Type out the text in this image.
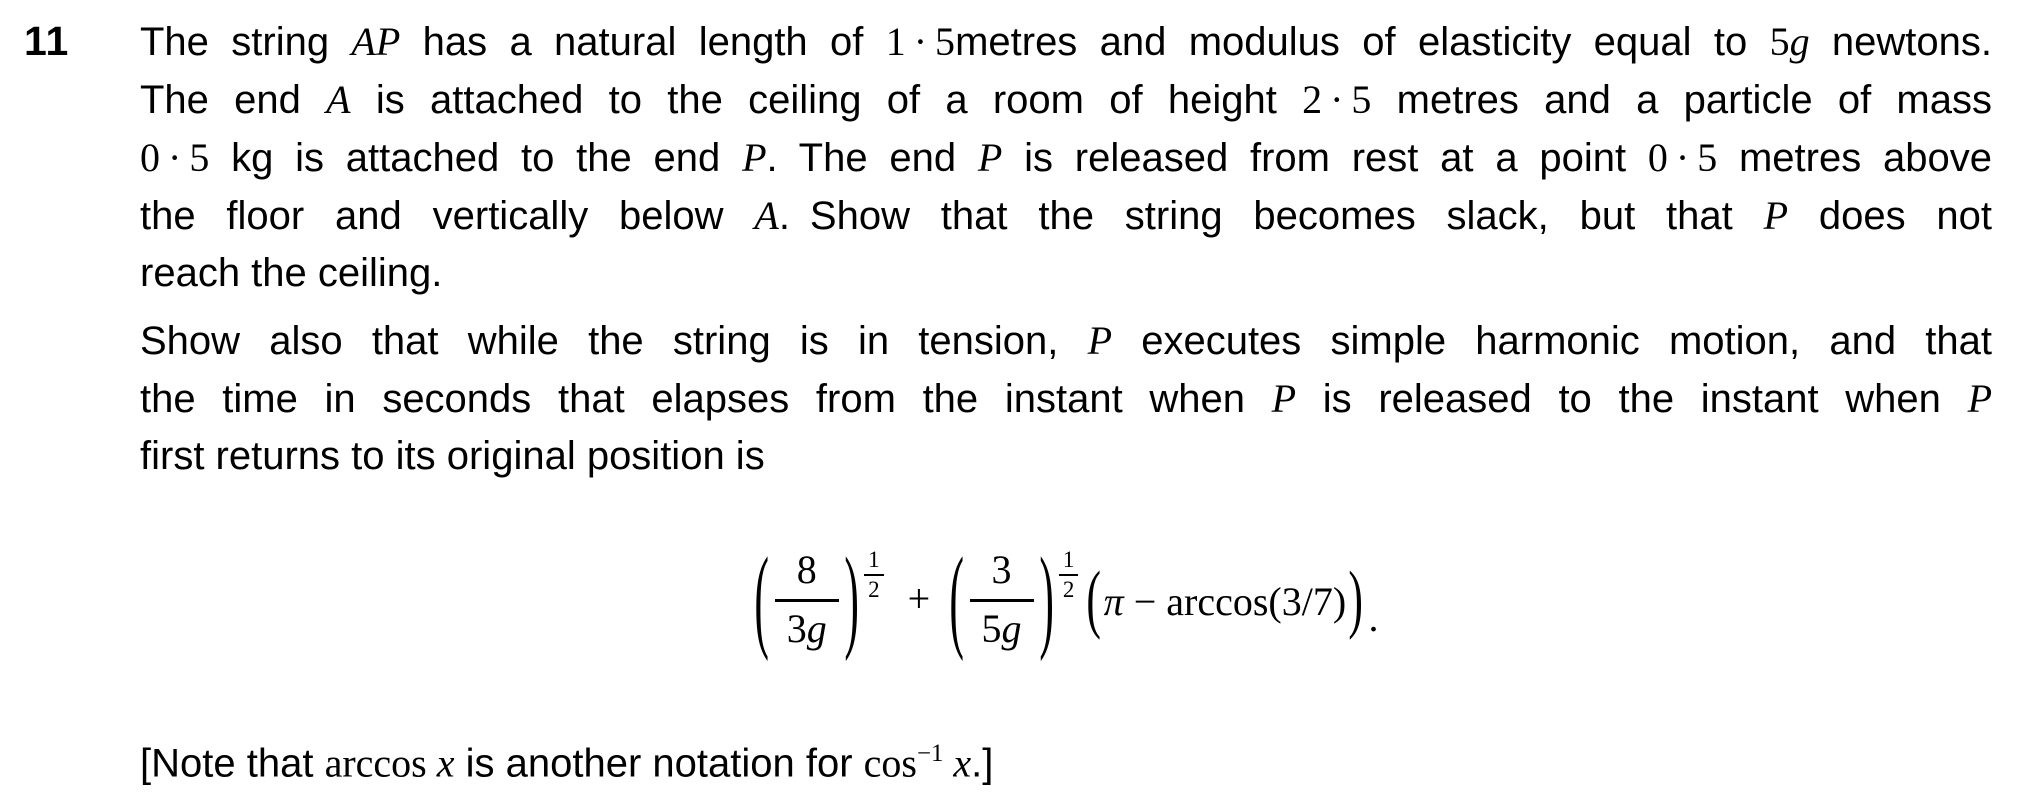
11 The string AP has a natural length of 1 · 5metres and modulus of elasticity equal to 5g newtons.
The end A is attached to the ceiling of a room of height 2 · 5 metres and a particle of mass
0 · 5 kg is attached to the end P. The end P is released from rest at a point 0 · 5 metres above
the floor and vertically below A. Show that the string becomes slack, but that P does not
reach the ceiling.
Show also that while the string is in tension, P executes simple harmonic motion, and that
the time in seconds that elapses from the instant when P is released to the instant when P
first returns to its original position is
( $\frac{8}{3g}$ ) $\frac{1}{2}$ + ( $\frac{3}{5g}$ ) $\frac{1}{2}$ ( π − arccos(3/7) ) .
[Note that arccos x is another notation for $\cos^{-1} x$.]
